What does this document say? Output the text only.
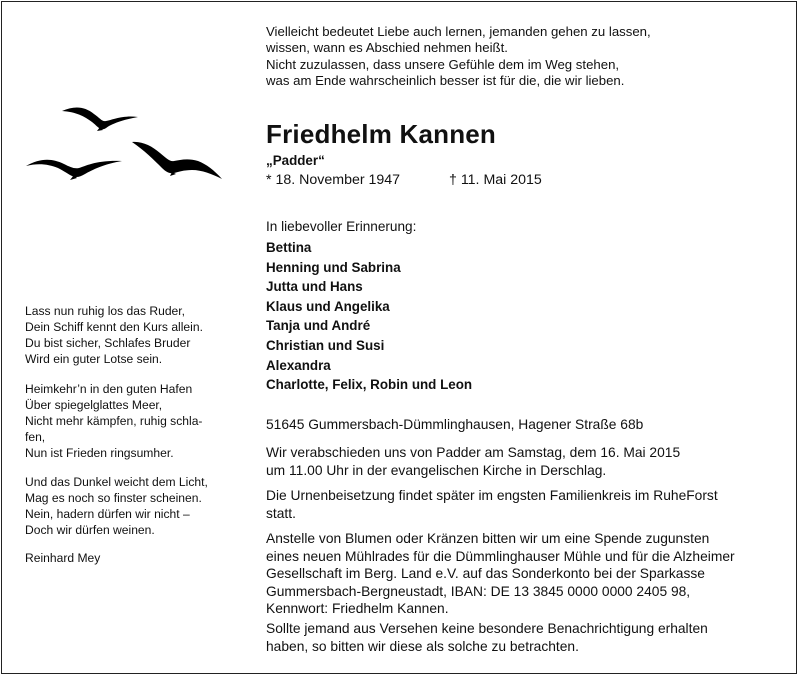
Vielleicht bedeutet Liebe auch lernen, jemanden gehen zu lassen,
wissen, wann es Abschied nehmen heißt.
Nicht zuzulassen, dass unsere Gefühle dem im Weg stehen,
was am Ende wahrscheinlich besser ist für die, die wir lieben.
Friedhelm Kannen
„Padder“
* 18. November 1947	† 11. Mai 2015
In liebevoller Erinnerung:
Bettina
Henning und Sabrina
Jutta und Hans
Klaus und Angelika
Tanja und André
Christian und Susi
Alexandra
Charlotte, Felix, Robin und Leon
51645 Gummersbach-Dümmlinghausen, Hagener Straße 68b
Wir verabschieden uns von Padder am Samstag, dem 16. Mai 2015
um 11.00 Uhr in der evangelischen Kirche in Derschlag.
Die Urnenbeisetzung findet später im engsten Familienkreis im RuheForst
statt.
Anstelle von Blumen oder Kränzen bitten wir um eine Spende zugunsten
eines neuen Mühlrades für die Dümmlinghauser Mühle und für die Alzheimer
Gesellschaft im Berg. Land e.V. auf das Sonderkonto bei der Sparkasse
Gummersbach-Bergneustadt, IBAN: DE 13 3845 0000 0000 2405 98,
Kennwort: Friedhelm Kannen.
Sollte jemand aus Versehen keine besondere Benachrichtigung erhalten
haben, so bitten wir diese als solche zu betrachten.
Lass nun ruhig los das Ruder,
Dein Schiff kennt den Kurs allein.
Du bist sicher, Schlafes Bruder
Wird ein guter Lotse sein.
Heimkehr’n in den guten Hafen
Über spiegelglattes Meer,
Nicht mehr kämpfen, ruhig schla-
fen,
Nun ist Frieden ringsumher.
Und das Dunkel weicht dem Licht,
Mag es noch so finster scheinen.
Nein, hadern dürfen wir nicht –
Doch wir dürfen weinen.
Reinhard Mey
